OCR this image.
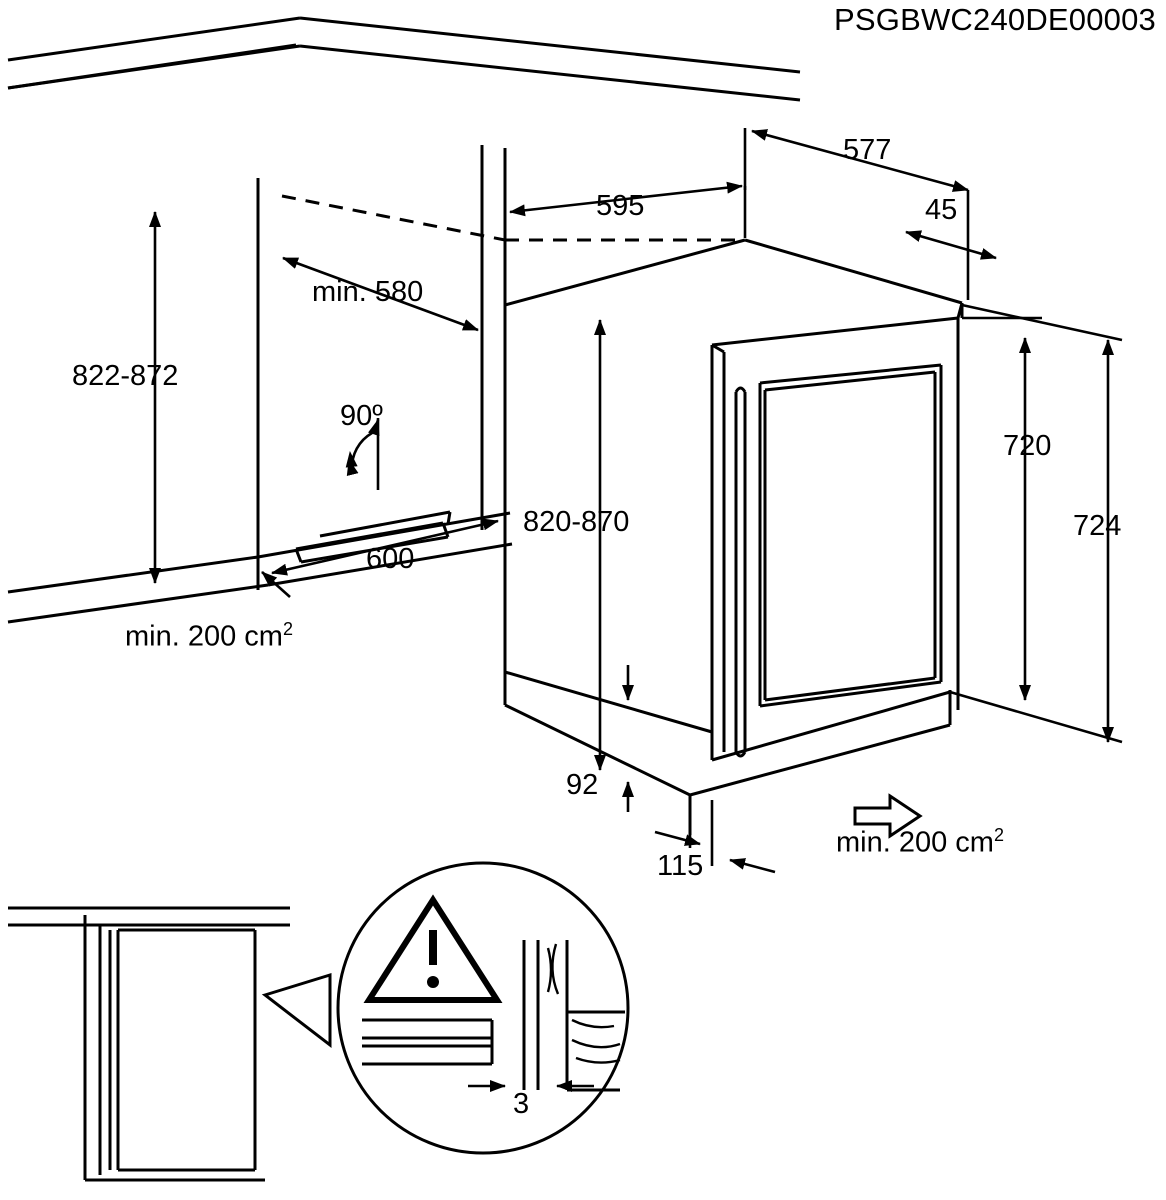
PSGBWC240DE00003
822-872
min. 580
600
90º
min. 200 $cm^2$
595
577
45
820-870
720
724
92
115
min. 200 $cm^2$
3
